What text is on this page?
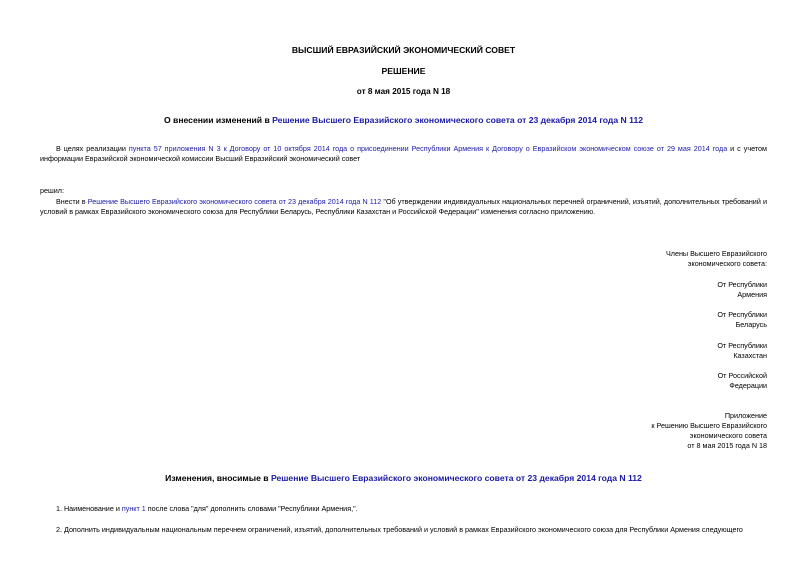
ВЫСШИЙ ЕВРАЗИЙСКИЙ ЭКОНОМИЧЕСКИЙ СОВЕТ
РЕШЕНИЕ
от 8 мая 2015 года N 18
О внесении изменений в Решение Высшего Евразийского экономического совета от 23 декабря 2014 года N 112
В целях реализации пункта 57 приложения N 3 к Договору от 10 октября 2014 года о присоединении Республики Армения к Договору о Евразийском экономическом союзе от 29 мая 2014 года и с учетом информации Евразийской экономической комиссии Высший Евразийский экономический совет
решил:
Внести в Решение Высшего Евразийского экономического совета от 23 декабря 2014 года N 112 "Об утверждении индивидуальных национальных перечней ограничений, изъятий, дополнительных требований и условий в рамках Евразийского экономического союза для Республики Беларусь, Республики Казахстан и Российской Федерации" изменения согласно приложению.
Члены Высшего Евразийского
экономического совета:
От Республики
Армения
От Республики
Беларусь
От Республики
Казахстан
От Российской
Федерации
Приложение
к Решению Высшего Евразийского
экономического совета
от 8 мая 2015 года N 18
Изменения, вносимые в Решение Высшего Евразийского экономического совета от 23 декабря 2014 года N 112
1. Наименование и пункт 1 после слова "для" дополнить словами "Республики Армения,".
2. Дополнить индивидуальным национальным перечнем ограничений, изъятий, дополнительных требований и условий в рамках Евразийского экономического союза для Республики Армения следующего
